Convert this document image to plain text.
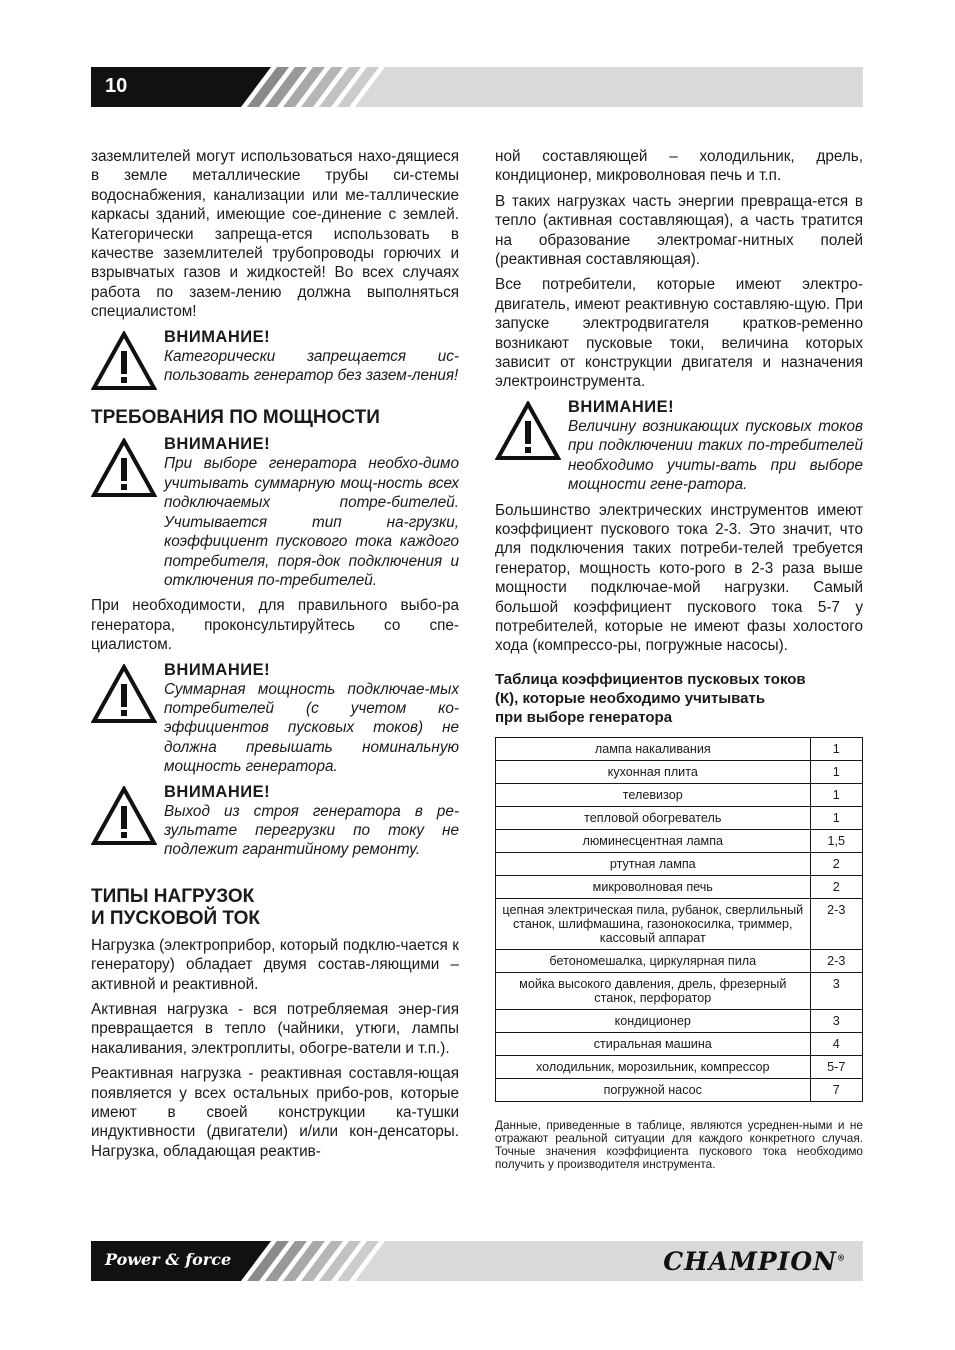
10

заземлителей могут использоваться нахо-дящиеся в земле металлические трубы си-стемы водоснабжения, канализации или ме-таллические каркасы зданий, имеющие сое-динение с землей. Категорически запреща-ется использовать в качестве заземлителей трубопроводы горючих и взрывчатых газов и жидкостей! Во всех случаях работа по зазем-лению должна выполняться специалистом!

ВНИМАНИЕ!
Категорически запрещается ис-пользовать генератор без зазем-ления!
ТРЕБОВАНИЯ ПО МОЩНОСТИ
ВНИМАНИЕ!
При выборе генератора необхо-димо учитывать суммарную мощ-ность всех подключаемых потре-бителей. Учитывается тип на-грузки, коэффициент пускового тока каждого потребителя, поря-док подключения и отключения по-требителей.

При необходимости, для правильного выбо-ра генератора, проконсультируйтесь со спе-циалистом.

ВНИМАНИЕ!
Суммарная мощность подключае-мых потребителей (с учетом ко-эффициентов пусковых токов) не должна превышать номинальную мощность генератора.
ВНИМАНИЕ!
Выход из строя генератора в ре-зультате перегрузки по току не подлежит гарантийному ремонту.
ТИПЫ НАГРУЗОК
И ПУСКОВОЙ ТОК

Нагрузка (электроприбор, который подклю-чается к генератору) обладает двумя состав-ляющими – активной и реактивной.

Активная нагрузка - вся потребляемая энер-гия превращается в тепло (чайники, утюги, лампы накаливания, электроплиты, обогре-ватели и т.п.).

Реактивная нагрузка - реактивная составля-ющая появляется у всех остальных прибо-ров, которые имеют в своей конструкции ка-тушки индуктивности (двигатели) и/или кон-денсаторы. Нагрузка, обладающая реактив-

ной составляющей – холодильник, дрель, кондиционер, микроволновая печь и т.п.

В таких нагрузках часть энергии превраща-ется в тепло (активная составляющая), а часть тратится на образование электромаг-нитных полей (реактивная составляющая).

Все потребители, которые имеют электро-двигатель, имеют реактивную составляю-щую. При запуске электродвигателя кратков-ременно возникают пусковые токи, величина которых зависит от конструкции двигателя и назначения электроинструмента.

ВНИМАНИЕ!
Величину возникающих пусковых токов при подключении таких по-требителей необходимо учиты-вать при выборе мощности гене-ратора.

Большинство электрических инструментов имеют коэффициент пускового тока 2-3. Это значит, что для подключения таких потреби-телей требуется генератор, мощность кото-рого в 2-3 раза выше мощности подключае-мой нагрузки. Самый большой коэффициент пускового тока 5-7 у потребителей, которые не имеют фазы холостого хода (компрессо-ры, погружные насосы).

Таблица коэффициентов пусковых токов
(К), которые необходимо учитывать
при выборе генератора
лампа накаливания	1
кухонная плита	1
телевизор	1
тепловой обогреватель	1
люминесцентная лампа	1,5
ртутная лампа	2
микроволновая печь	2
цепная электрическая пила, рубанок, сверлильный станок, шлифмашина, газонокосилка, триммер, кассовый аппарат	2-3
бетономешалка, циркулярная пила	2-3
мойка высокого давления, дрель, фрезерный станок, перфоратор	3
кондиционер	3
стиральная машина	4
холодильник, морозильник, компрессор	5-7
погружной насос	7
Данные, приведенные в таблице, являются усреднен-ными и не отражают реальной ситуации для каждого конкретного случая. Точные значения коэффициента пускового тока необходимо получить у производителя инструмента.
Power & force	CHAMPION®
